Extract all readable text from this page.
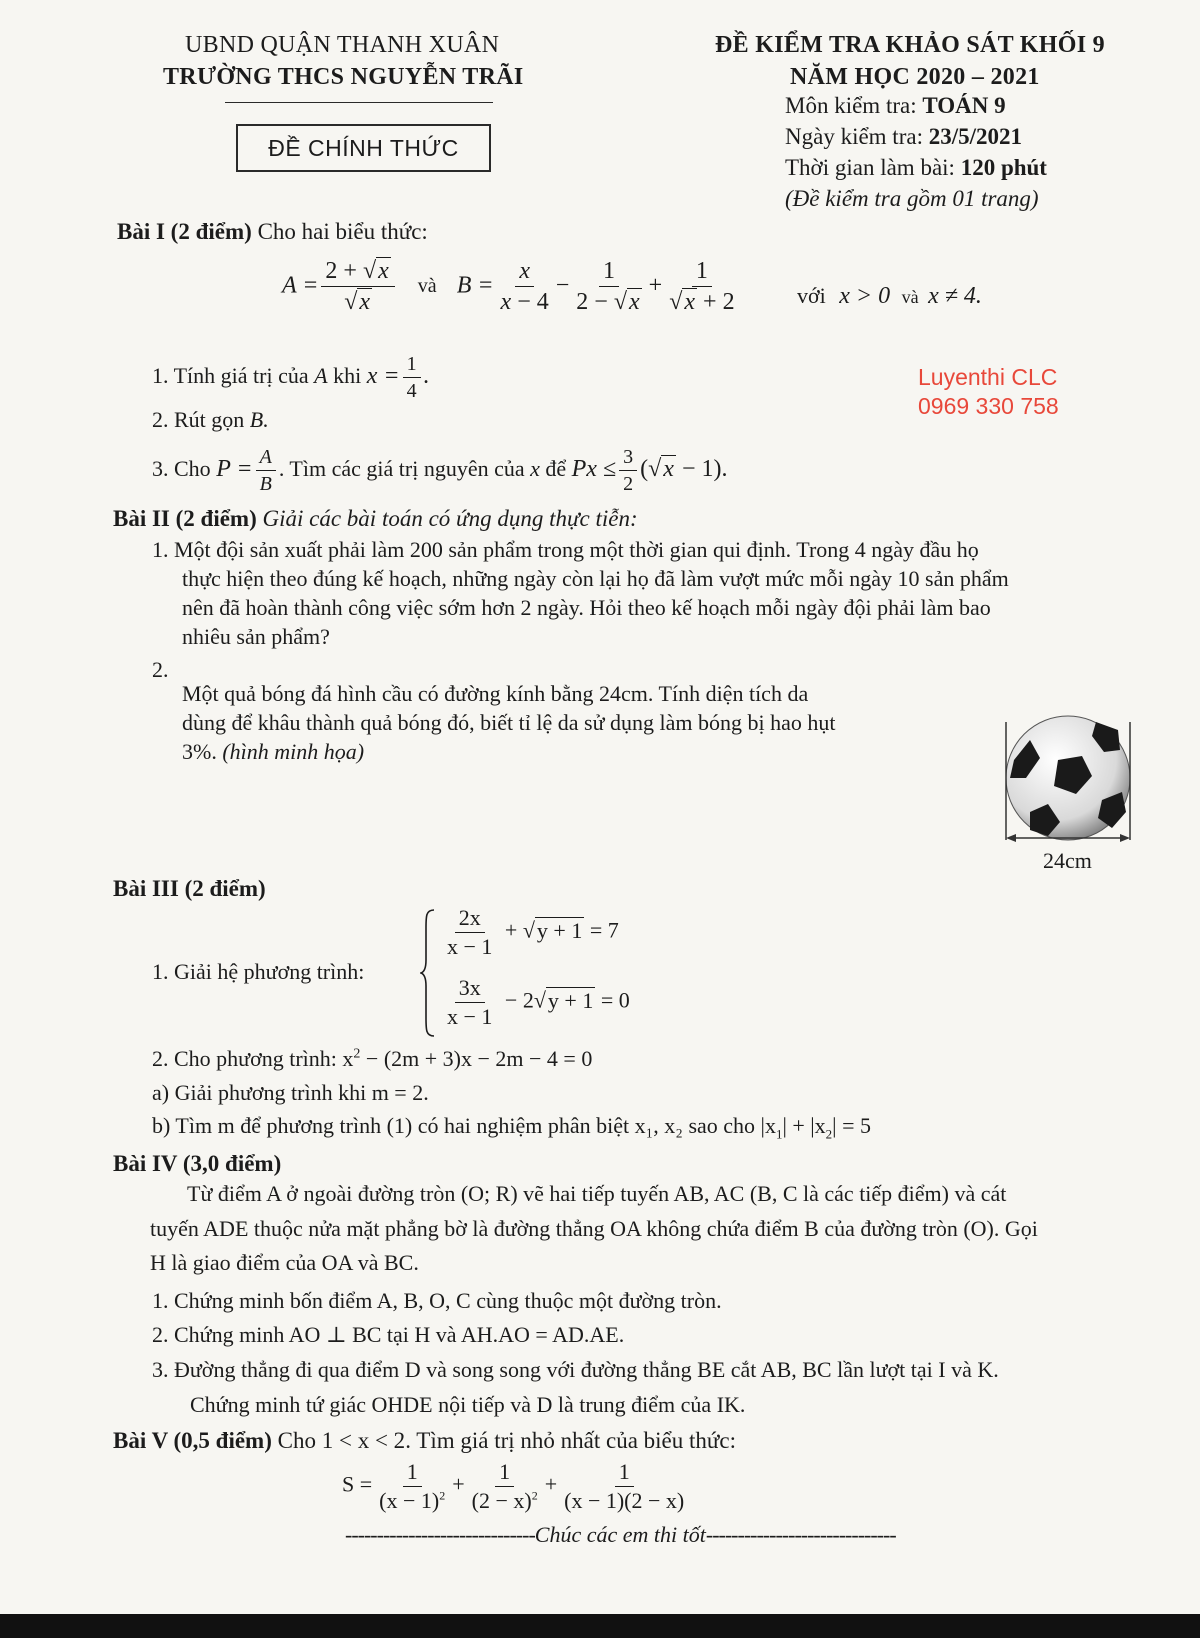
UBND QUẬN THANH XUÂN
TRƯỜNG THCS NGUYỄN TRÃI
ĐỀ CHÍNH THỨC
ĐỀ KIỂM TRA KHẢO SÁT KHỐI 9
NĂM HỌC 2020 – 2021
Môn kiểm tra: TOÁN 9
Ngày kiểm tra: 23/5/2021
Thời gian làm bài: 120 phút
(Đề kiểm tra gồm 01 trang)
Bài I (2 điểm) Cho hai biểu thức:
$A = \frac{2 + √x}{√x}$ và $B = \frac{x}{x - 4} - \frac{1}{2 - √x} + \frac{1}{√x + 2}$	với x > 0 và x ≠ 4.
1. Tính giá trị của A khi $x = \frac{1}{4}$ .	Luyenthi CLC
0969 330 758
2. Rút gọn B.
3. Cho $P = \frac{A}{B}$ . Tìm các giá trị nguyên của x để $Px \le \frac{3}{2} (√x - 1)$.
Bài II (2 điểm) Giải các bài toán có ứng dụng thực tiễn:
1. Một đội sản xuất phải làm 200 sản phẩm trong một thời gian qui định. Trong 4 ngày đầu họ
thực hiện theo đúng kế hoạch, những ngày còn lại họ đã làm vượt mức mỗi ngày 10 sản phẩm
nên đã hoàn thành công việc sớm hơn 2 ngày. Hỏi theo kế hoạch mỗi ngày đội phải làm bao
nhiêu sản phẩm?
2.
Một quả bóng đá hình cầu có đường kính bằng 24cm. Tính diện tích da
dùng để khâu thành quả bóng đó, biết tỉ lệ da sử dụng làm bóng bị hao hụt
3%. (hình minh họa)
24cm
Bài III (2 điểm)
1. Giải hệ phương trình:
$\frac{2x}{x - 1} + √y + 1 = 7$
$\frac{3x}{x - 1} - 2√y + 1 = 0$
2. Cho phương trình: $x^2 - (2m + 3)x - 2m - 4 = 0$
a) Giải phương trình khi m = 2.
b) Tìm m để phương trình (1) có hai nghiệm phân biệt x₁, x₂ sao cho $|x_1| + |x_2| = 5$
Bài IV (3,0 điểm)
Từ điểm A ở ngoài đường tròn (O; R) vẽ hai tiếp tuyến AB, AC (B, C là các tiếp điểm) và cát
tuyến ADE thuộc nửa mặt phẳng bờ là đường thẳng OA không chứa điểm B của đường tròn (O). Gọi
H là giao điểm của OA và BC.
1. Chứng minh bốn điểm A, B, O, C cùng thuộc một đường tròn.
2. Chứng minh AO ⊥ BC tại H và AH.AO = AD.AE.
3. Đường thẳng đi qua điểm D và song song với đường thẳng BE cắt AB, BC lần lượt tại I và K.
Chứng minh tứ giác OHDE nội tiếp và D là trung điểm của IK.
Bài V (0,5 điểm) Cho 1 < x < 2. Tìm giá trị nhỏ nhất của biểu thức:
$S = \frac{1}{(x - 1)^2} + \frac{1}{(2 - x)^2} + \frac{1}{(x - 1)(2 - x)}$
------------------------------Chúc các em thi tốt------------------------------
